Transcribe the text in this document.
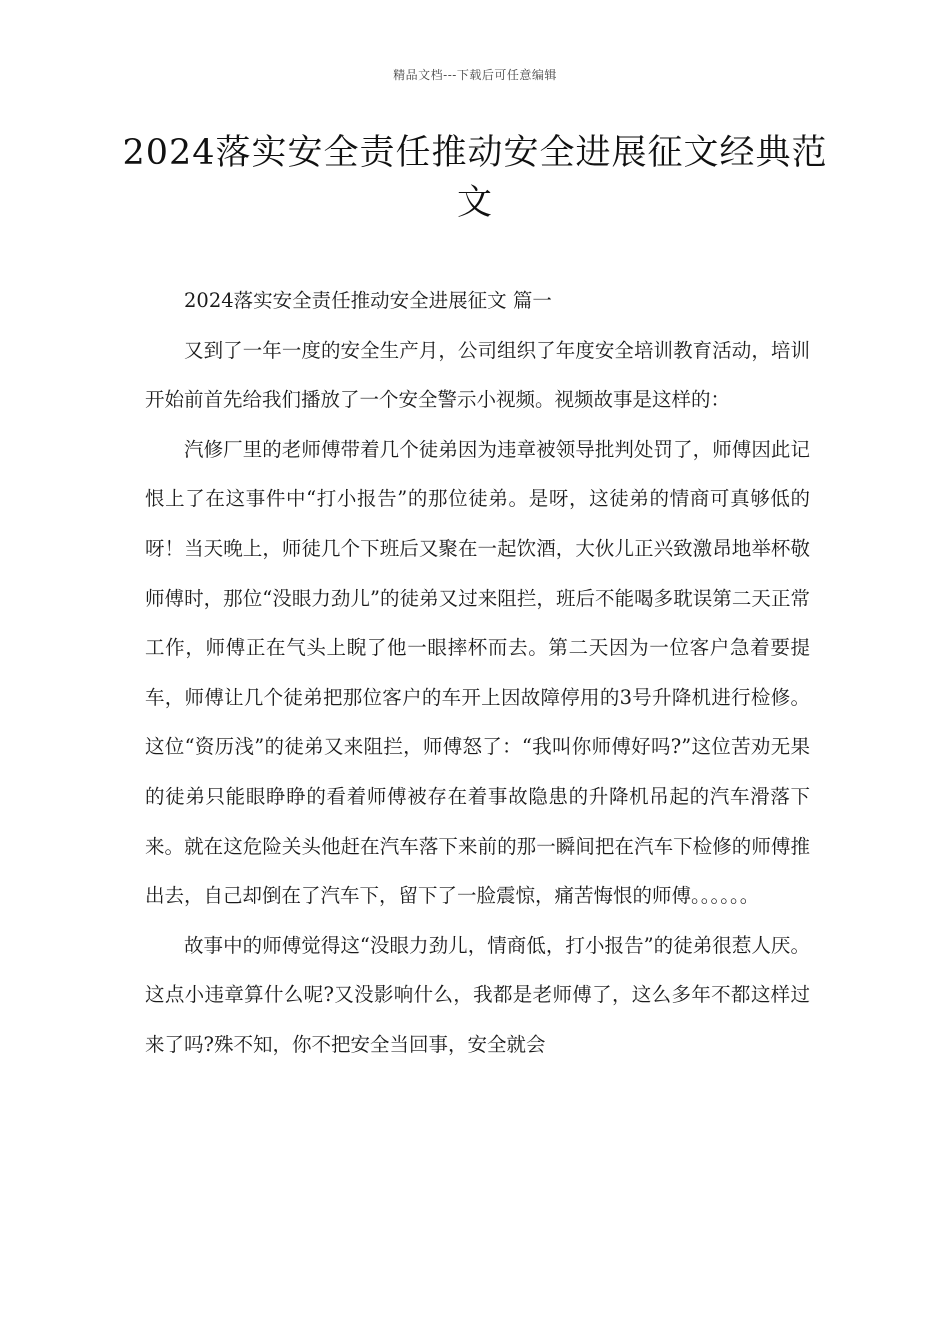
精品文档---下载后可任意编辑
2024落实安全责任推动安全进展征文经典范文

2024落实安全责任推动安全进展征文 篇一

又到了一年一度的安全生产月，公司组织了年度安全培训教育活动，培训开始前首先给我们播放了一个安全警示小视频。视频故事是这样的：

汽修厂里的老师傅带着几个徒弟因为违章被领导批判处罚了，师傅因此记恨上了在这事件中“打小报告”的那位徒弟。是呀，这徒弟的情商可真够低的呀！当天晚上，师徒几个下班后又聚在一起饮酒，大伙儿正兴致激昂地举杯敬师傅时，那位“没眼力劲儿”的徒弟又过来阻拦，班后不能喝多耽误第二天正常工作，师傅正在气头上睨了他一眼摔杯而去。第二天因为一位客户急着要提车，师傅让几个徒弟把那位客户的车开上因故障停用的3号升降机进行检修。这位“资历浅”的徒弟又来阻拦，师傅怒了：“我叫你师傅好吗?”这位苦劝无果的徒弟只能眼睁睁的看着师傅被存在着事故隐患的升降机吊起的汽车滑落下来。就在这危险关头他赶在汽车落下来前的那一瞬间把在汽车下检修的师傅推出去，自己却倒在了汽车下，留下了一脸震惊，痛苦悔恨的师傅。。。。。。

故事中的师傅觉得这“没眼力劲儿，情商低，打小报告”的徒弟很惹人厌。这点小违章算什么呢?又没影响什么，我都是老师傅了，这么多年不都这样过来了吗?殊不知，你不把安全当回事，安全就会
